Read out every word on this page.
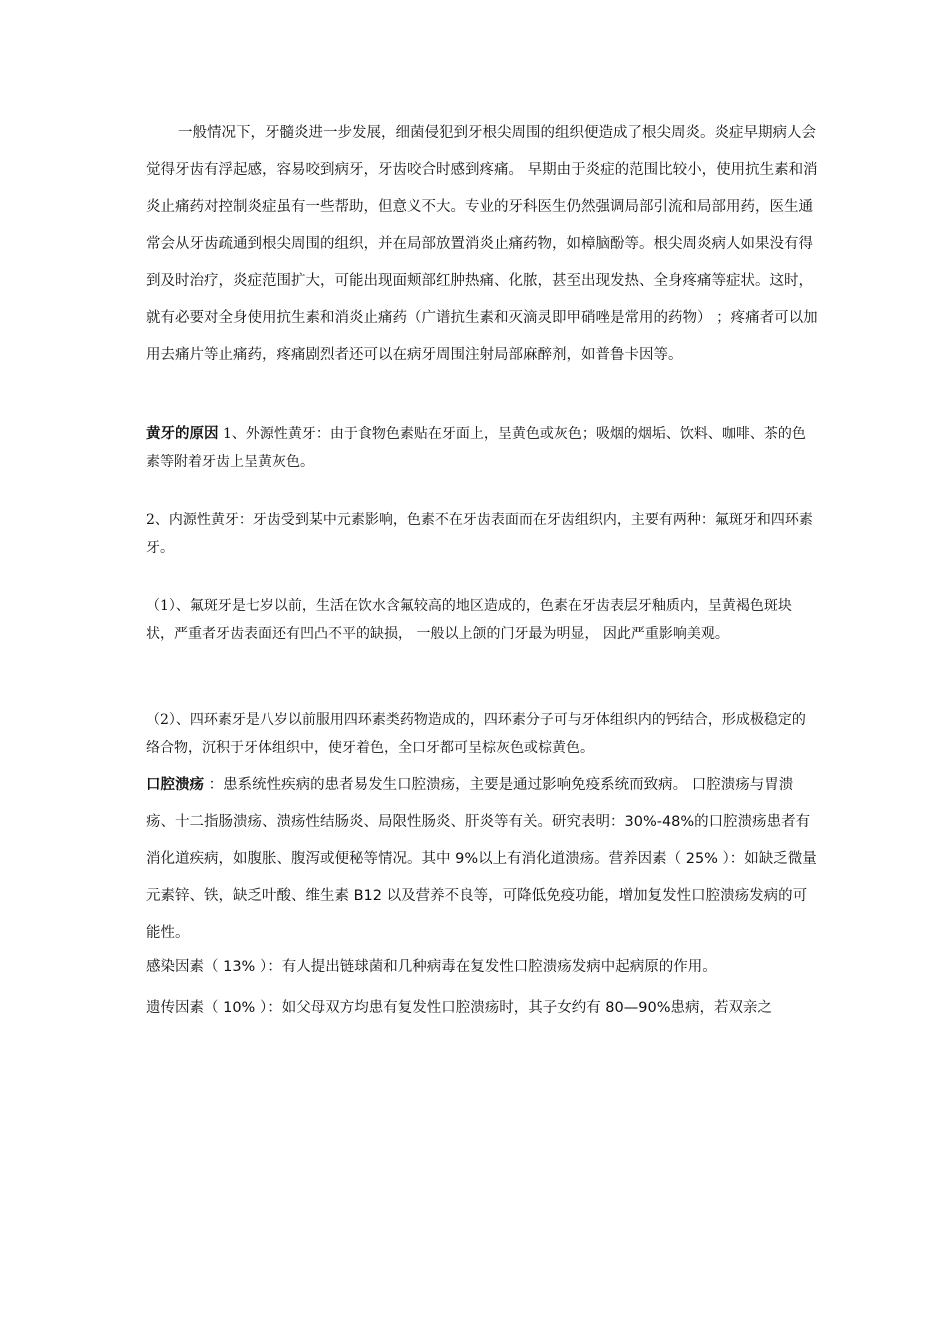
一般情况下，牙髓炎进一步发展，细菌侵犯到牙根尖周围的组织便造成了根尖周炎。炎症早期病人会觉得牙齿有浮起感，容易咬到病牙，牙齿咬合时感到疼痛。 早期由于炎症的范围比较小，使用抗生素和消炎止痛药对控制炎症虽有一些帮助，但意义不大。专业的牙科医生仍然强调局部引流和局部用药，医生通常会从牙齿疏通到根尖周围的组织，并在局部放置消炎止痛药物，如樟脑酚等。根尖周炎病人如果没有得到及时治疗，炎症范围扩大，可能出现面颊部红肿热痛、化脓，甚至出现发热、全身疼痛等症状。这时，就有必要对全身使用抗生素和消炎止痛药（广谱抗生素和灭滴灵即甲硝唑是常用的药物） ；疼痛者可以加用去痛片等止痛药，疼痛剧烈者还可以在病牙周围注射局部麻醉剂，如普鲁卡因等。

黄牙的原因 1、外源性黄牙：由于食物色素贴在牙面上，呈黄色或灰色；吸烟的烟垢、饮料、咖啡、茶的色素等附着牙齿上呈黄灰色。

2、内源性黄牙：牙齿受到某中元素影响，色素不在牙齿表面而在牙齿组织内，主要有两种：氟斑牙和四环素牙。

（1）、氟斑牙是七岁以前，生活在饮水含氟较高的地区造成的，色素在牙齿表层牙釉质内，呈黄褐色斑块状，严重者牙齿表面还有凹凸不平的缺损， 一般以上颌的门牙最为明显， 因此严重影响美观。

（2）、四环素牙是八岁以前服用四环素类药物造成的，四环素分子可与牙体组织内的钙结合，形成极稳定的络合物，沉积于牙体组织中，使牙着色，全口牙都可呈棕灰色或棕黄色。

口腔溃疡 ：患系统性疾病的患者易发生口腔溃疡，主要是通过影响免疫系统而致病。 口腔溃疡与胃溃疡、十二指肠溃疡、溃疡性结肠炎、局限性肠炎、肝炎等有关。研究表明：30%-48%的口腔溃疡患者有消化道疾病，如腹胀、腹泻或便秘等情况。其中 9%以上有消化道溃疡。营养因素（ 25% ）：如缺乏微量元素锌、铁，缺乏叶酸、维生素 B12 以及营养不良等，可降低免疫功能，增加复发性口腔溃疡发病的可能性。

感染因素（ 13% ）：有人提出链球菌和几种病毒在复发性口腔溃疡发病中起病原的作用。

遗传因素（ 10% ）：如父母双方均患有复发性口腔溃疡时，其子女约有 80—90%患病，若双亲之
